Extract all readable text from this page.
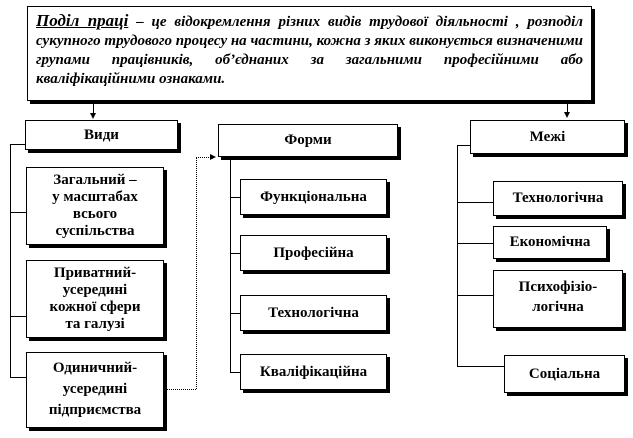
Поділ праці – це відокремлення різних видів трудової діяльності , розподіл сукупного трудового процесу на частини, кожна з яких виконується визначеними групами працівників, об’єднаних за загальними професійними або кваліфікаційними ознаками.
Види
Загальний –
у масштабах
всього
суспільства
Приватний-
усередині
кожної сфери
та галузі
Одиничний-
усередині
підприємства
Форми
Функціональна
Професійна
Технологічна
Кваліфікаційна
Межі
Технологічна
Економічна
Психофізіо-
логічна
Соціальна
